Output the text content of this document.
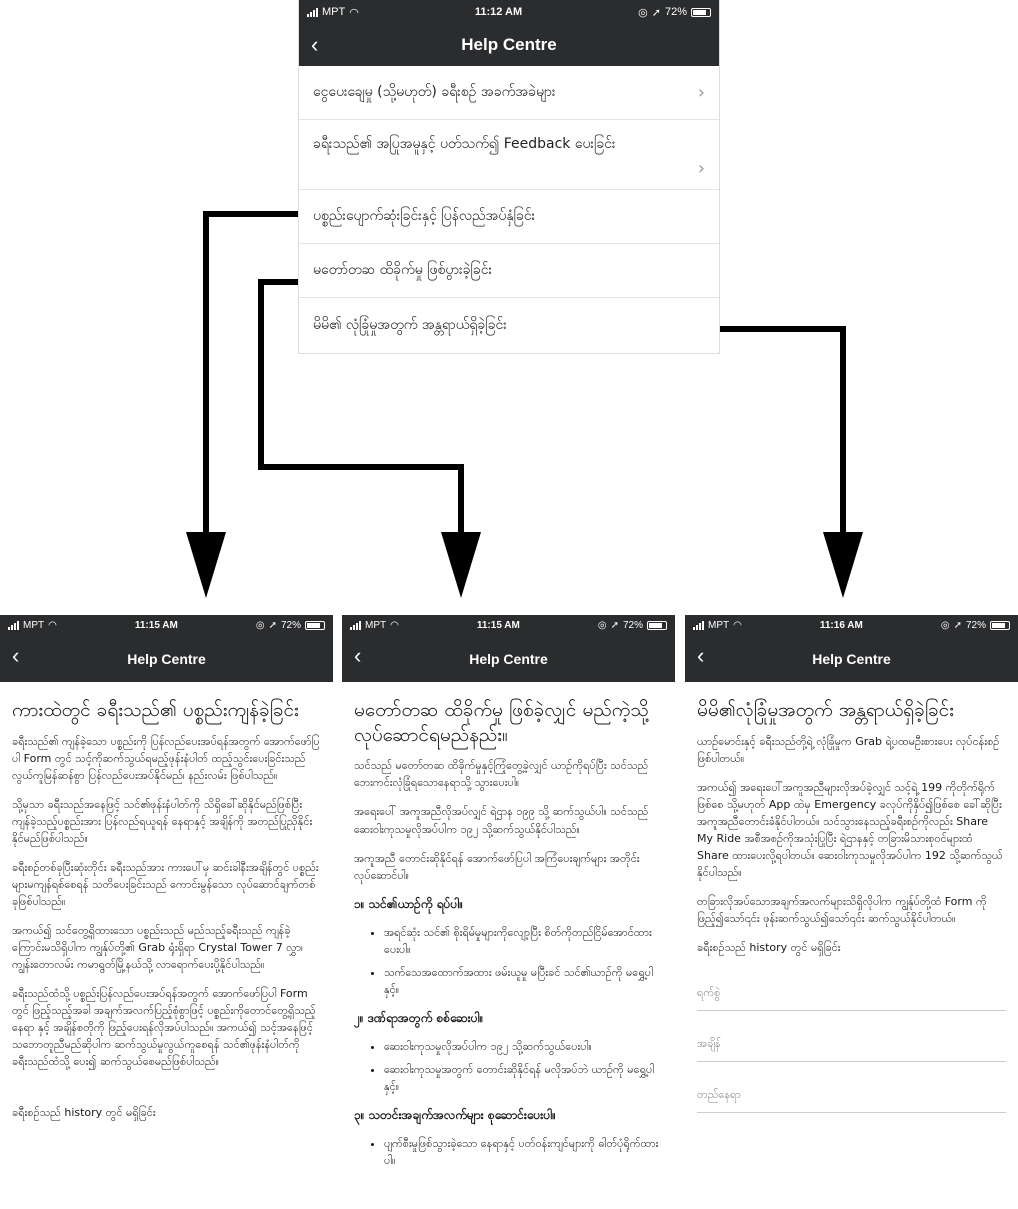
MPT ◠	11:12 AM	◎ ➚ 72%
‹	Help Centre
ငွေပေးချေမှု (သို့မဟုတ်) ခရီးစဉ် အခက်အခဲများ	›
ခရီးသည်၏ အပြုအမူနှင့် ပတ်သက်၍ Feedback ပေးခြင်း
›
ပစ္စည်းပျောက်ဆုံးခြင်းနှင့် ပြန်လည်အပ်နှံခြင်း
မတော်တဆ ထိခိုက်မှု ဖြစ်ပွားခဲ့ခြင်း
မိမိ၏ လုံခြုံမှုအတွက် အန္တရာယ်ရှိခဲ့ခြင်း
MPT ◠	11:15 AM	◎ ➚ 72%
‹	Help Centre
ကားထဲတွင် ခရီးသည်၏ ပစ္စည်းကျန်ခဲ့ခြင်း

ခရီးသည်၏ ကျန်ခဲ့သော ပစ္စည်းကို ပြန်လည်ပေးအပ်ရန်အတွက် အောက်ဖော်ပြပါ Form တွင် သင့်ကိုဆက်သွယ်ရမည့်ဖုန်းနံပါတ် ထည့်သွင်းပေးခြင်းသည် လွယ်ကူမြန်ဆန်စွာ ပြန်လည်ပေးအပ်နိုင်မည်၊ နည်းလမ်း ဖြစ်ပါသည်။

သို့မှသာ ခရီးသည်အနေဖြင့် သင်၏ဖုန်းနံပါတ်ကို သိရှိခေါ်ဆိုနိုင်မည်ဖြစ်ပြီး ကျန်ခဲ့သည့်ပစ္စည်းအား ပြန်လည်ရယူရန် နေရာနှင့် အချိန်ကို အတည်ပြုညှိနိုင်းနိုင်မည်ဖြစ်ပါသည်။

ခရီးစဉ်တစ်ခုပြီးဆုံးတိုင်း ခရီးသည်အား ကားပေါ်မှ ဆင်းခါနီးအချိန်တွင် ပစ္စည်းများမကျန်ရစ်စေရန် သတိပေးခြင်းသည် ကောင်းမွန်သော လုပ်ဆောင်ချက်တစ်ခုဖြစ်ပါသည်။

အကယ်၍ သင်တွေ့ရှိထားသော ပစ္စည်းသည် မည်သည့်ခရီးသည် ကျန်ခဲ့ကြောင်းမသိရှိပါက ကျွန်ုပ်တို့၏ Grab ရုံးရှိရာ Crystal Tower 7 လွှာ၊ ကျွန်းတောလမ်း ကမာရွတ်မြို့နယ်သို့ လာရောက်ပေးပို့နိုင်ပါသည်။

ခရီးသည်ထံသို့ ပစ္စည်းပြန်လည်ပေးအပ်ရန်အတွက် အောက်ဖော်ပြပါ Form တွင် ဖြည့်သည့်အခါ အချက်အလက်ပြည့်စုံစွာဖြင့် ပစ္စည်းကိုတောင်တွေ့ရှိသည့်နေရာ နှင့် အချိန်စတိုကို ဖြည့်ပေးရန်လိုအပ်ပါသည်။ အကယ်၍ သင့်အနေဖြင့် သဘောတူညီမည်ဆိုပါက ဆက်သွယ်မှုလွယ်ကူစေရန် သင်၏ဖုန်းနံပါတ်ကို ခရီးသည်ထံသို့ ပေး၍ ဆက်သွယ်စေမည်ဖြစ်ပါသည်။

ခရီးစဉ်သည် history တွင် မရှိခြင်း

MPT ◠	11:15 AM	◎ ➚ 72%
‹	Help Centre
မတော်တဆ ထိခိုက်မှု ဖြစ်ခဲ့လျှင် မည်ကဲ့သို့ လုပ်ဆောင်ရမည်နည်း။

သင်သည် မတော်တဆ ထိခိုက်မှုနှင့်ကြုံတွေ့ခဲ့လျှင် ယာဉ်ကိုရပ်ပြီး သင်သည် ဘေးကင်းလုံခြုံရသောနေရာသို့ သွားပေးပါ။

အရေးပေါ် အကူအညီလိုအပ်လျှင် ရဲဌာန ၁၉၉ သို့ ဆက်သွယ်ပါ။ သင်သည် ဆေးဝါးကုသမှုလိုအပ်ပါက ၁၉၂ သို့ဆက်သွယ်နိုင်ပါသည်။

အကူအညီ တောင်းဆိုနိုင်ရန် အောက်ဖော်ပြပါ အကြံပေးချက်များ အတိုင်း လုပ်ဆောင်ပါ။

၁။ သင်၏ယာဉ်ကို ရပ်ပါ။
• အရင်ဆုံး သင်၏ စိုးရိမ်မှုများကိုလျော့ပြီး စိတ်ကိုတည်ငြိမ်အောင်ထားပေးပါ။
• သက်သေအထောက်အထား ဖမ်းယူမှု မပြီးခင် သင်၏ယာဉ်ကို မရွှေ့ပါနှင့်။
၂။ ဒဏ်ရာအတွက် စစ်ဆေးပါ။
• ဆေးဝါးကုသမှုလိုအပ်ပါက ၁၉၂ သို့ဆက်သွယ်ပေးပါ။
• ဆေးဝါးကုသမှုအတွက် တောင်းဆိုနိုင်ရန် မလိုအပ်ဘဲ ယာဉ်ကို မရွှေ့ပါနှင့်။
၃။ သတင်းအချက်အလက်များ စုဆောင်းပေးပါ။
• ပျက်စီးမှုဖြစ်သွားခဲ့သော နေရာနှင့် ပတ်ဝန်းကျင်များကို ဓါတ်ပုံရိုက်ထားပါ။
MPT ◠	11:16 AM	◎ ➚ 72%
‹	Help Centre
မိမိ၏လုံခြုံမှုအတွက် အန္တရာယ်ရှိခဲ့ခြင်း

ယာဉ်မောင်းနှင့် ခရီးသည်တို့ရဲ့ လုံခြုံမှုက Grab ရဲ့ပထမဦးစားပေး လုပ်ငန်းစဉ်ဖြစ်ပါတယ်။

အကယ်၍ အရေးပေါ်အကူအညီများလိုအပ်ခဲ့လျှင် သင့်ရဲ့ 199 ကိုတိုက်ရိုက်ဖြစ်စေ သို့မဟုတ် App ထဲမှ Emergency ခလုပ်ကိုနှိပ်၍ဖြစ်စေ ခေါ်ဆိုပြီးအကူအညီတောင်းခံနိုင်ပါတယ်။ သင်သွားနေသည့်ခရီးစဉ်ကိုလည်း Share My Ride အစီအစဉ်ကိုအသုံးပြုပြီး ရဲဌာနနှင့် တခြားမိသားစုဝင်များထံ Share ထားပေးလို့ရပါတယ်။ ဆေးဝါးကုသမှုလိုအပ်ပါက 192 သို့ဆက်သွယ်နိုင်ပါသည်။

တခြားလိုအပ်သောအချက်အလက်များသိရှိလိုပါက ကျွန်ုပ်တို့ထံ Form ကို ဖြည့်၍သော်၎င်း ဖုန်းဆက်သွယ်၍သော်၎င်း ဆက်သွယ်နိုင်ပါတယ်။

ခရီးစဉ်သည် history တွင် မရှိခြင်း

ရက်စွဲ
အချိန်
တည်နေရာ
